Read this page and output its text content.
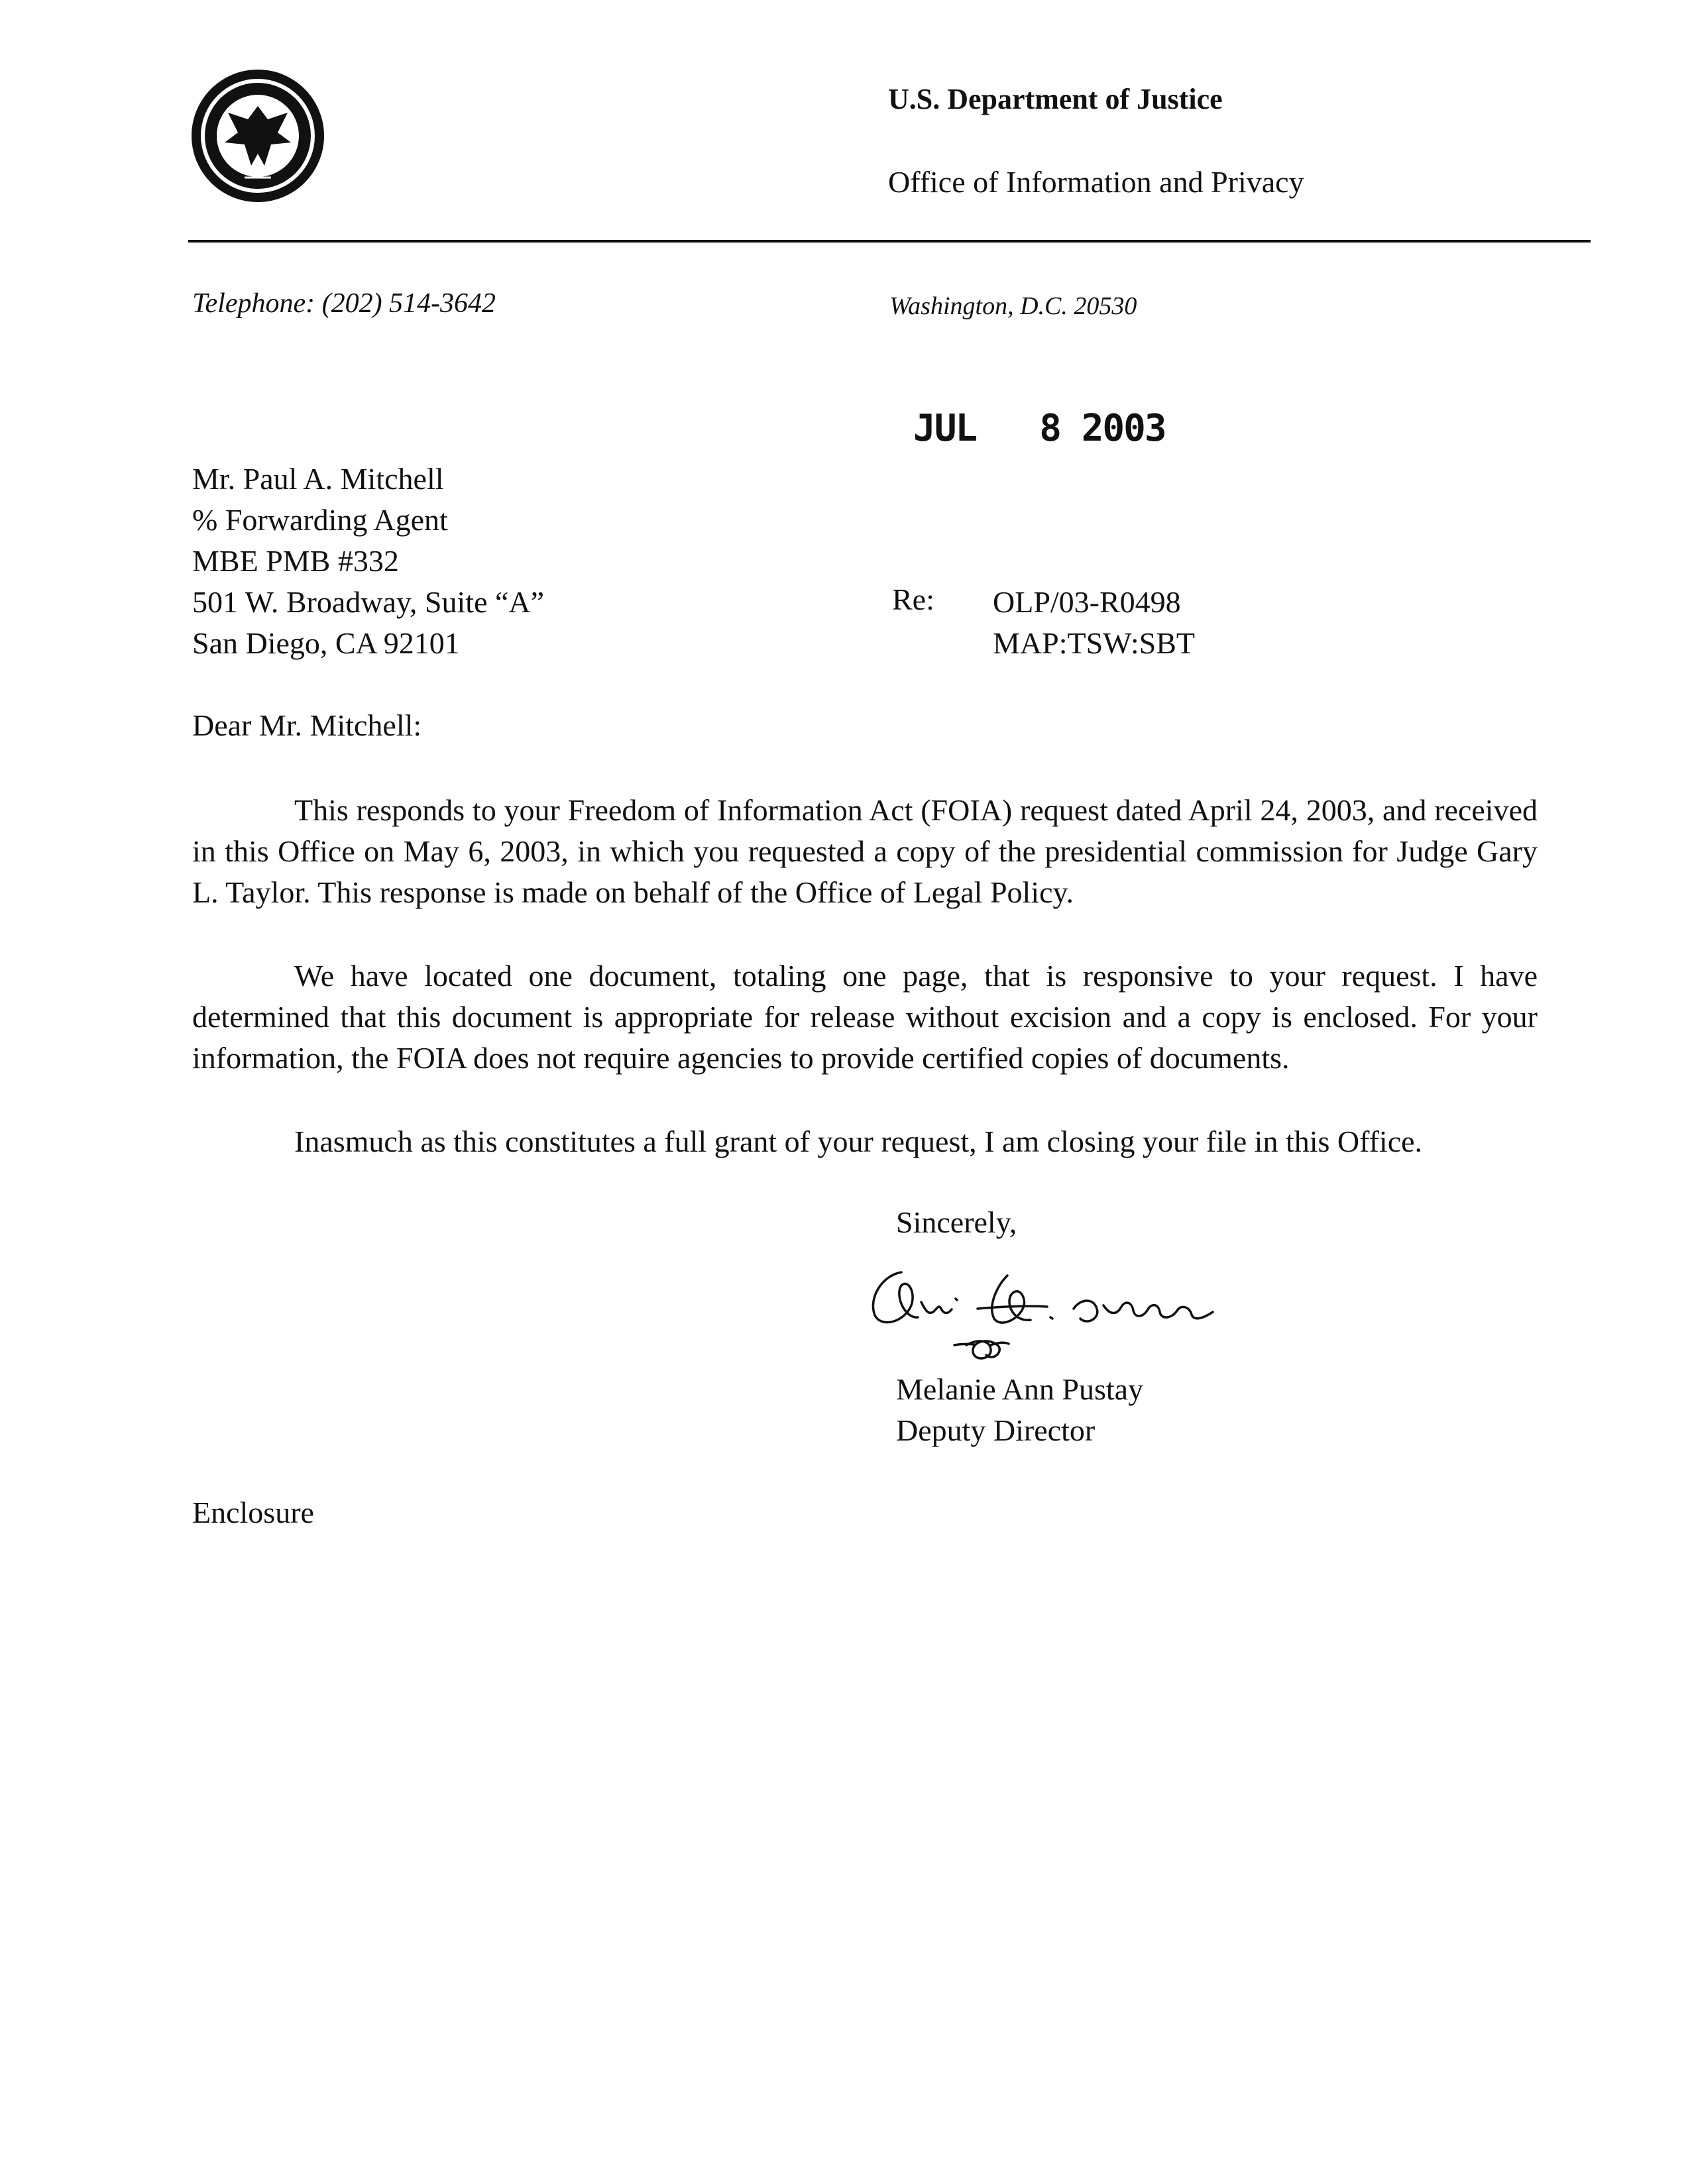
U.S. Department of Justice
Office of Information and Privacy
Telephone: (202) 514-3642	Washington, D.C. 20530
JUL   8 2003
Mr. Paul A. Mitchell
% Forwarding Agent
MBE PMB #332
501 W. Broadway, Suite “A”
San Diego, CA 92101
Re: OLP/03-R0498
MAP:TSW:SBT
Dear Mr. Mitchell:

This responds to your Freedom of Information Act (FOIA) request dated April 24, 2003, and received in this Office on May 6, 2003, in which you requested a copy of the presidential commission for Judge Gary L. Taylor. This response is made on behalf of the Office of Legal Policy.

We have located one document, totaling one page, that is responsive to your request. I have determined that this document is appropriate for release without excision and a copy is enclosed. For your information, the FOIA does not require agencies to provide certified copies of documents.

Inasmuch as this constitutes a full grant of your request, I am closing your file in this Office.

Sincerely,
Melanie Ann Pustay
Deputy Director
Enclosure
